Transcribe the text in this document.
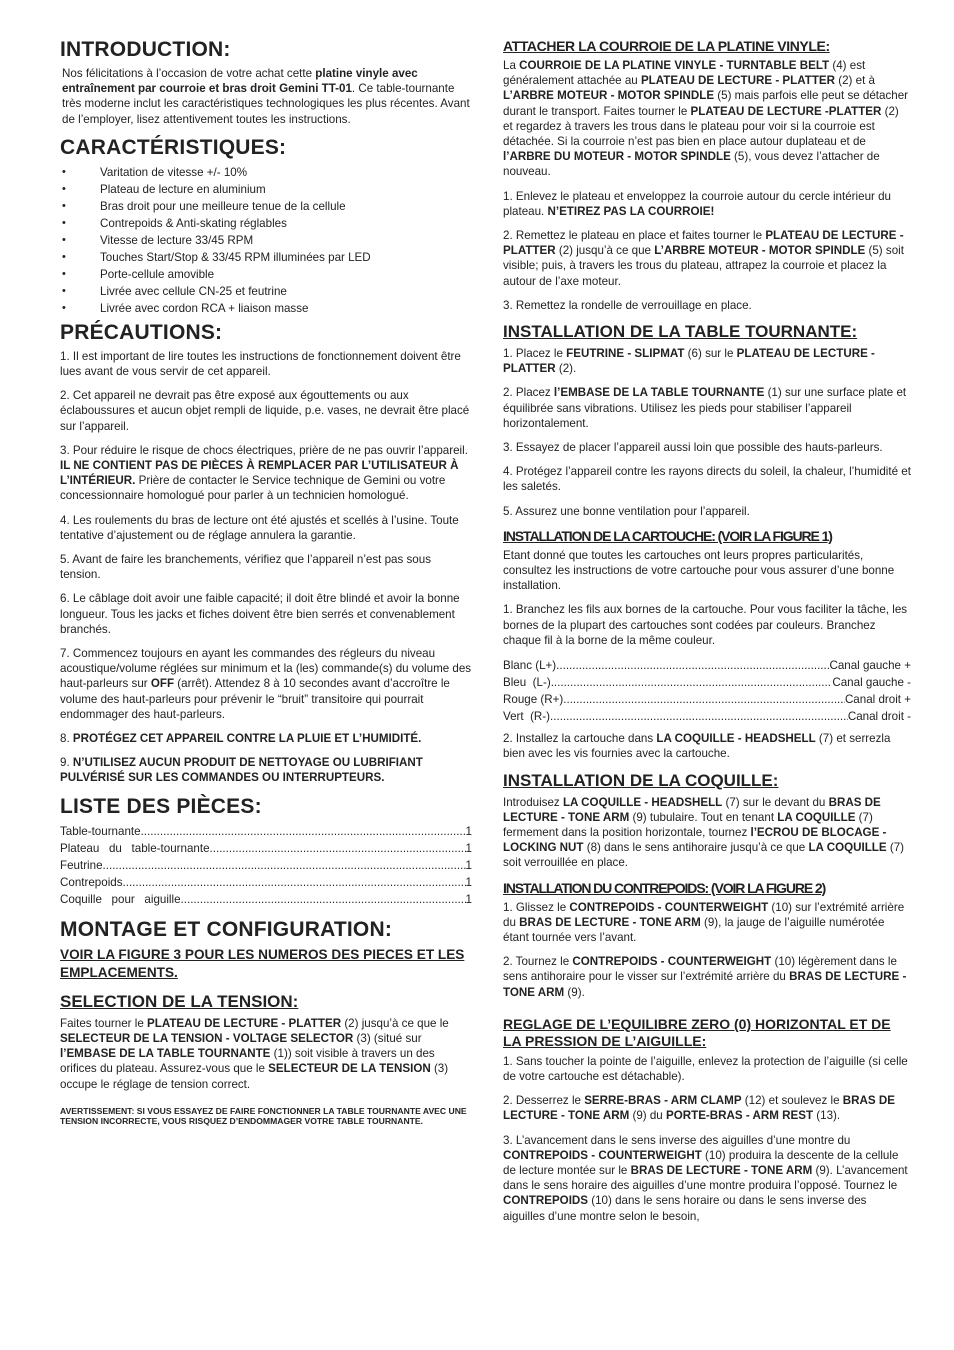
INTRODUCTION:

Nos félicitations à l’occasion de votre achat cette platine vinyle avec entraînement par courroie et bras droit Gemini TT-01. Ce table-tournante très moderne inclut les caractéristiques technologiques les plus récentes. Avant de l’employer, lisez attentivement toutes les instructions.

CARACTÉRISTIQUES:
• Varitation de vitesse +/- 10%
• Plateau de lecture en aluminium
• Bras droit pour une meilleure tenue de la cellule
• Contrepoids & Anti-skating réglables
• Vitesse de lecture 33/45 RPM
• Touches Start/Stop & 33/45 RPM illuminées par LED
• Porte-cellule amovible
• Livrée avec cellule CN-25 et feutrine
• Livrée avec cordon RCA + liaison masse
PRÉCAUTIONS:

1. Il est important de lire toutes les instructions de fonctionnement doivent être lues avant de vous servir de cet appareil.

2. Cet appareil ne devrait pas être exposé aux égouttements ou aux éclaboussures et aucun objet rempli de liquide, p.e. vases, ne devrait être placé sur l’appareil.

3. Pour réduire le risque de chocs électriques, prière de ne pas ouvrir l’appareil. IL NE CONTIENT PAS DE PIÈCES À REMPLACER PAR L’UTILISATEUR À L’INTÉRIEUR. Prière de contacter le Service technique de Gemini ou votre concessionnaire homologué pour parler à un technicien homologué.

4. Les roulements du bras de lecture ont été ajustés et scellés à l’usine. Toute tentative d’ajustement ou de réglage annulera la garantie.

5. Avant de faire les branchements, vérifiez que l’appareil n’est pas sous tension.

6. Le câblage doit avoir une faible capacité; il doit être blindé et avoir la bonne longueur. Tous les jacks et fiches doivent être bien serrés et convenablement branchés.

7. Commencez toujours en ayant les commandes des régleurs du niveau acoustique/volume réglées sur minimum et la (les) commande(s) du volume des haut-parleurs sur OFF (arrêt). Attendez 8 à 10 secondes avant d’accroître le volume des haut-parleurs pour prévenir le “bruit” transitoire qui pourrait endommager des haut-parleurs.

8. PROTÉGEZ CET APPAREIL CONTRE LA PLUIE ET L’HUMIDITÉ.

9. N’UTILISEZ AUCUN PRODUIT DE NETTOYAGE OU LUBRIFIANT PULVÉRISÉ SUR LES COMMANDES OU INTERRUPTEURS.

LISTE DES PIÈCES:
Table-tournante .....	1
Plateau   du   table-tournante .....	1
Feutrine .....	1
Contrepoids .....	1
Coquille   pour   aiguille .....	1
MONTAGE ET CONFIGURATION:
VOIR LA FIGURE 3 POUR LES NUMEROS DES PIECES ET LES EMPLACEMENTS.
SELECTION DE LA TENSION:

Faites tourner le PLATEAU DE LECTURE - PLATTER (2) jusqu’à ce que le SELECTEUR DE LA TENSION - VOLTAGE SELECTOR (3) (situé sur l’EMBASE DE LA TABLE TOURNANTE (1)) soit visible à travers un des orifices du plateau. Assurez-vous que le SELECTEUR DE LA TENSION (3) occupe le réglage de tension correct.

AVERTISSEMENT: SI VOUS ESSAYEZ DE FAIRE FONCTIONNER LA TABLE TOURNANTE AVEC UNE TENSION INCORRECTE, VOUS RISQUEZ D’ENDOMMAGER VOTRE TABLE TOURNANTE.
ATTACHER LA COURROIE DE LA PLATINE VINYLE:

La COURROIE DE LA PLATINE VINYLE - TURNTABLE BELT (4) est généralement attachée au PLATEAU DE LECTURE - PLATTER (2) et à L’ARBRE MOTEUR - MOTOR SPINDLE (5) mais parfois elle peut se détacher durant le transport. Faites tourner le PLATEAU DE LECTURE -PLATTER (2) et regardez à travers les trous dans le plateau pour voir si la courroie est détachée. Si la courroie n’est pas bien en place autour duplateau et de l’ARBRE DU MOTEUR - MOTOR SPINDLE (5), vous devez l’attacher de nouveau.

1. Enlevez le plateau et enveloppez la courroie autour du cercle intérieur du plateau. N’ETIREZ PAS LA COURROIE!

2. Remettez le plateau en place et faites tourner le PLATEAU DE LECTURE - PLATTER (2) jusqu’à ce que L’ARBRE MOTEUR - MOTOR SPINDLE (5) soit visible; puis, à travers les trous du plateau, attrapez la courroie et placez la autour de l’axe moteur.

3. Remettez la rondelle de verrouillage en place.

INSTALLATION DE LA TABLE TOURNANTE:

1. Placez le FEUTRINE - SLIPMAT (6) sur le PLATEAU DE LECTURE -PLATTER (2).

2. Placez l’EMBASE DE LA TABLE TOURNANTE (1) sur une surface plate et équilibrée sans vibrations. Utilisez les pieds pour stabiliser l’appareil horizontalement.

3. Essayez de placer l’appareil aussi loin que possible des hauts-parleurs.

4. Protégez l’appareil contre les rayons directs du soleil, la chaleur, l’humidité et les saletés.

5. Assurez une bonne ventilation pour l’appareil.

INSTALLATION DE LA CARTOUCHE: (VOIR LA FIGURE 1)

Etant donné que toutes les cartouches ont leurs propres particularités, consultez les instructions de votre cartouche pour vous assurer d’une bonne installation.

1. Branchez les fils aux bornes de la cartouche. Pour vous faciliter la tâche, les bornes de la plupart des cartouches sont codées par couleurs. Branchez chaque fil à la borne de la même couleur.

Blanc (L+) .....	Canal gauche +
Bleu  (L-) .....	Canal gauche -
Rouge (R+) .....	Canal droit +
Vert  (R-) .....	Canal droit -

2. Installez la cartouche dans LA COQUILLE - HEADSHELL (7) et serrezla bien avec les vis fournies avec la cartouche.

INSTALLATION DE LA COQUILLE:

Introduisez LA COQUILLE - HEADSHELL (7) sur le devant du BRAS DE LECTURE - TONE ARM (9) tubulaire. Tout en tenant LA COQUILLE (7) fermement dans la position horizontale, tournez l’ECROU DE BLOCAGE - LOCKING NUT (8) dans le sens antihoraire jusqu’à ce que LA COQUILLE (7) soit verrouillée en place.

INSTALLATION DU CONTREPOIDS: (VOIR LA FIGURE 2)

1. Glissez le CONTREPOIDS - COUNTERWEIGHT (10) sur l’extrémité arrière du BRAS DE LECTURE - TONE ARM (9), la jauge de l’aiguille numérotée étant tournée vers l’avant.

2. Tournez le CONTREPOIDS - COUNTERWEIGHT (10) légèrement dans le sens antihoraire pour le visser sur l’extrémité arrière du BRAS DE LECTURE - TONE ARM (9).

REGLAGE DE L’EQUILIBRE ZERO (0) HORIZONTAL ET DE LA PRESSION DE L’AIGUILLE:

1. Sans toucher la pointe de l’aiguille, enlevez la protection de l’aiguille (si celle de votre cartouche est détachable).

2. Desserrez le SERRE-BRAS - ARM CLAMP (12) et soulevez le BRAS DE LECTURE - TONE ARM (9) du PORTE-BRAS - ARM REST (13).

3. L’avancement dans le sens inverse des aiguilles d’une montre du CONTREPOIDS - COUNTERWEIGHT (10) produira la descente de la cellule de lecture montée sur le BRAS DE LECTURE - TONE ARM (9). L’avancement dans le sens horaire des aiguilles d’une montre produira l’opposé. Tournez le CONTREPOIDS (10) dans le sens horaire ou dans le sens inverse des aiguilles d’une montre selon le besoin,
